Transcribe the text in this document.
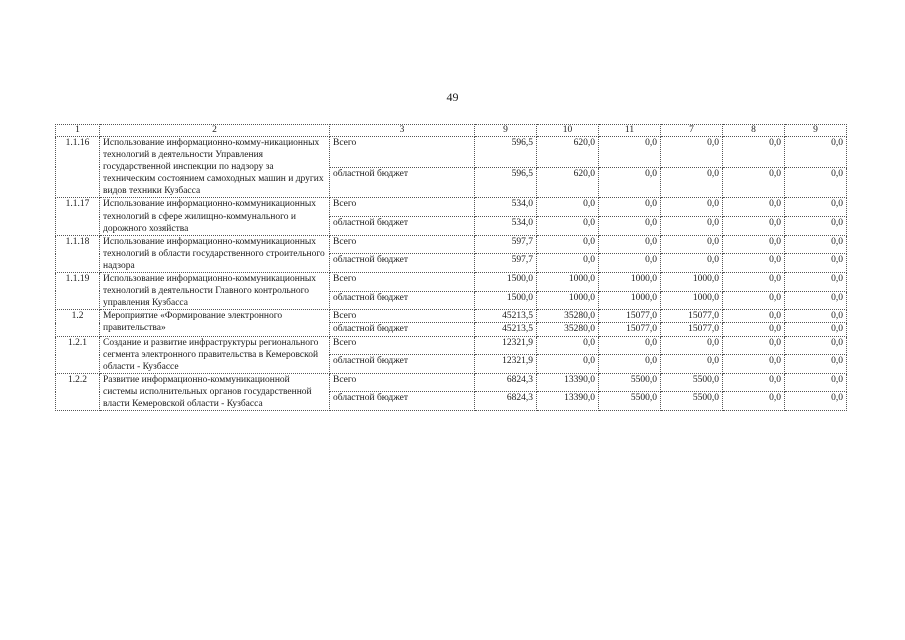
49
1	2	3	9	10	11	7	8	9
1.1.16	Использование информационно-комму-никационных технологий в деятельности Управления государственной инспекции по надзору за техническим состоянием самоходных машин и других видов техники Кузбасса	Всего	596,5	620,0	0,0	0,0	0,0	0,0
		областной бюджет	596,5	620,0	0,0	0,0	0,0	0,0
1.1.17	Использование информационно-коммуникационных технологий в сфере жилищно-коммунального и дорожного хозяйства	Всего	534,0	0,0	0,0	0,0	0,0	0,0
		областной бюджет	534,0	0,0	0,0	0,0	0,0	0,0
1.1.18	Использование информационно-коммуникационных технологий в области государственного строительного надзора	Всего	597,7	0,0	0,0	0,0	0,0	0,0
		областной бюджет	597,7	0,0	0,0	0,0	0,0	0,0
1.1.19	Использование информационно-коммуникационных технологий в деятельности Главного контрольного управления Кузбасса	Всего	1500,0	1000,0	1000,0	1000,0	0,0	0,0
		областной бюджет	1500,0	1000,0	1000,0	1000,0	0,0	0,0
1.2	Мероприятие «Формирование электронного правительства»	Всего	45213,5	35280,0	15077,0	15077,0	0,0	0,0
		областной бюджет	45213,5	35280,0	15077,0	15077,0	0,0	0,0
1.2.1	Создание и развитие инфраструктуры регионального сегмента электронного правительства в Кемеровской области - Кузбассе	Всего	12321,9	0,0	0,0	0,0	0,0	0,0
		областной бюджет	12321,9	0,0	0,0	0,0	0,0	0,0
1.2.2	Развитие информационно-коммуникационной системы исполнительных органов государственной власти Кемеровской области - Кузбасса	Всего	6824,3	13390,0	5500,0	5500,0	0,0	0,0
		областной бюджет	6824,3	13390,0	5500,0	5500,0	0,0	0,0
